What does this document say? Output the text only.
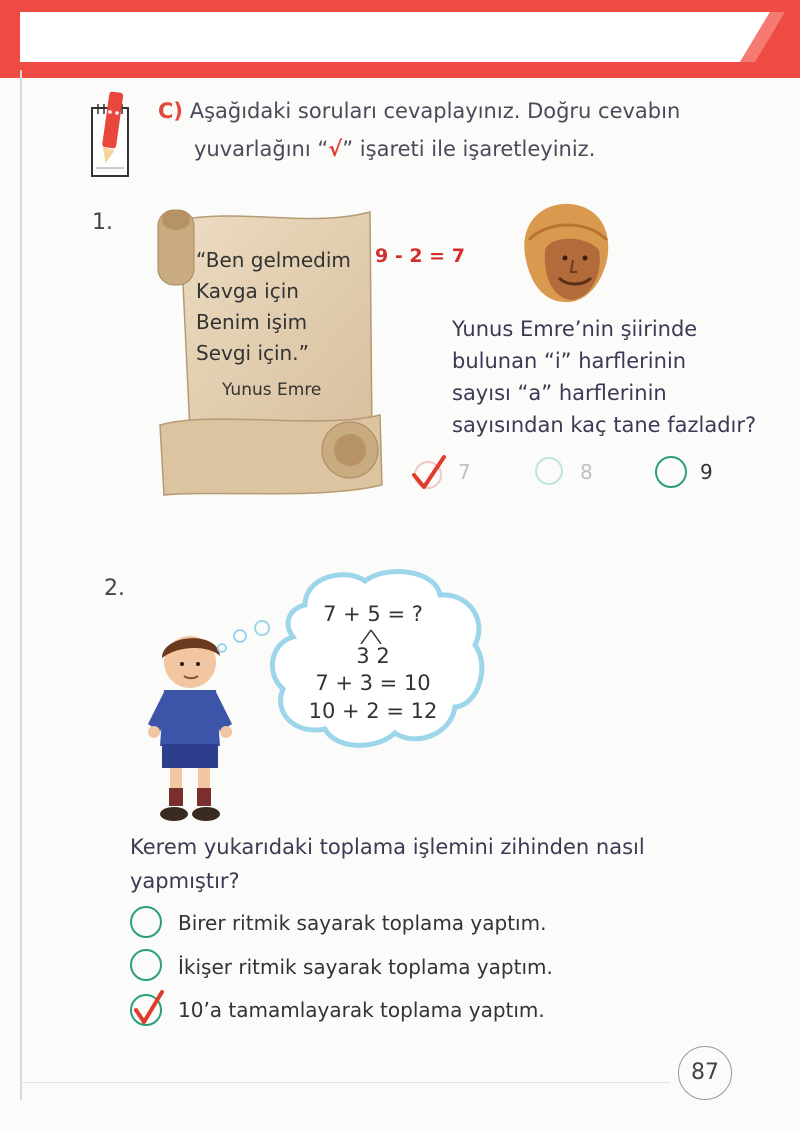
C) Aşağıdaki soruları cevaplayınız. Doğru cevabın
yuvarlağını “√” işareti ile işaretleyiniz.
1.
“Ben gelmedim
Kavga için
Benim işim
Sevgi için.”
Yunus Emre
9 - 2 = 7
Yunus Emre’nin şiirinde
bulunan “i” harflerinin
sayısı “a” harflerinin
sayısından kaç tane fazladır?
7	8	9
2.
7 + 5 = ?
3 2
7 + 3 = 10
10 + 2 = 12
Kerem yukarıdaki toplama işlemini zihinden nasıl
yapmıştır?
Birer ritmik sayarak toplama yaptım.
İkişer ritmik sayarak toplama yaptım.
10’a tamamlayarak toplama yaptım.
87
